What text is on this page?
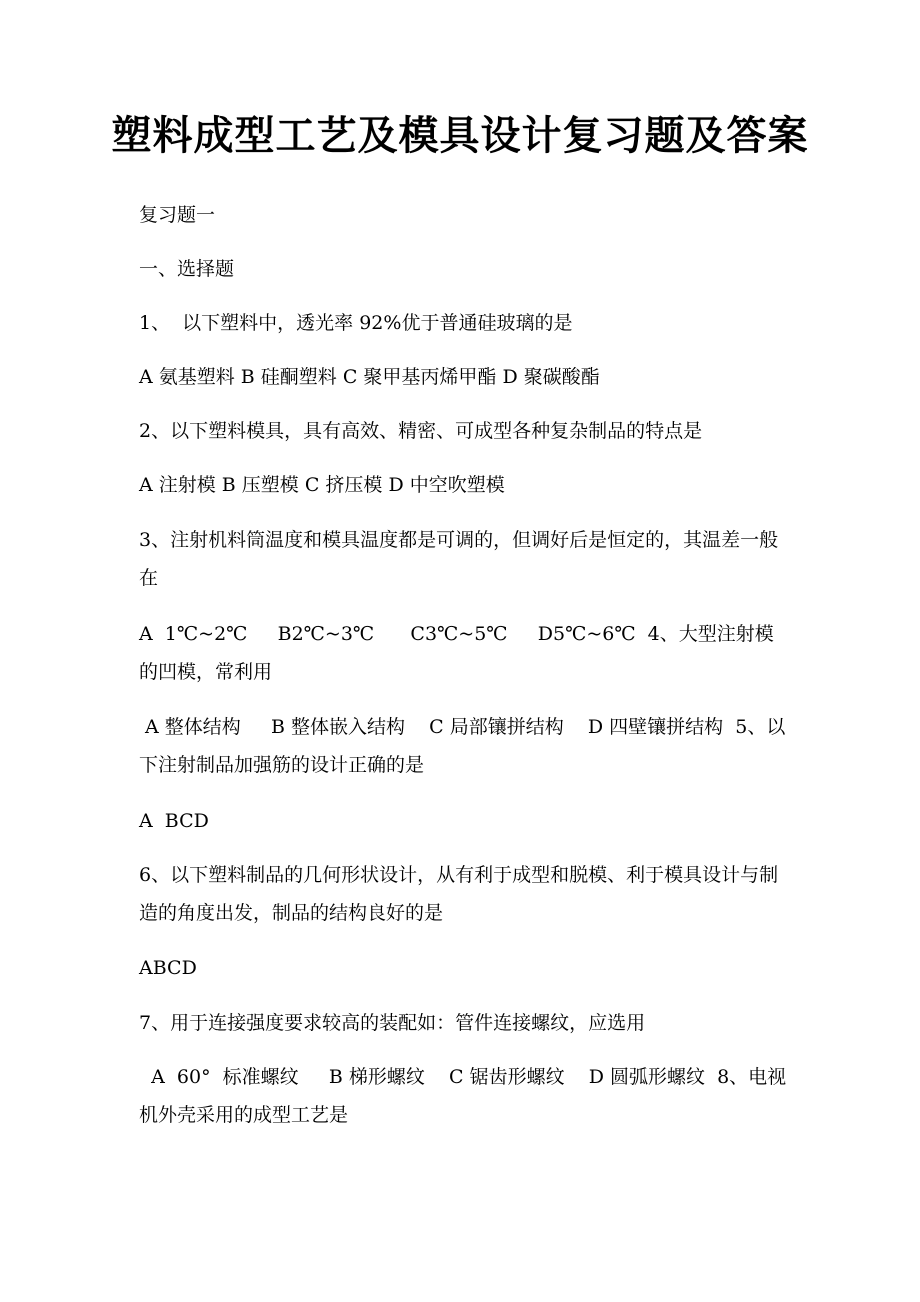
塑料成型工艺及模具设计复习题及答案
复习题一
一、选择题
1、  以下塑料中，透光率 92%优于普通硅玻璃的是
A 氨基塑料 B 硅酮塑料 C 聚甲基丙烯甲酯 D 聚碳酸酯
2、以下塑料模具，具有高效、精密、可成型各种复杂制品的特点是
A 注射模 B 压塑模 C 挤压模 D 中空吹塑模
3、注射机料筒温度和模具温度都是可调的，但调好后是恒定的，其温差一般在
A  1℃~2℃     B2℃~3℃      C3℃~5℃     D5℃~6℃  4、大型注射模的凹模，常利用
A 整体结构     B 整体嵌入结构    C 局部镶拼结构    D 四壁镶拼结构  5、以下注射制品加强筋的设计正确的是
A  BCD
6、以下塑料制品的几何形状设计，从有利于成型和脱模、利于模具设计与制造的角度出发，制品的结构良好的是
ABCD
7、用于连接强度要求较高的装配如：管件连接螺纹，应选用
A  60°  标准螺纹     B 梯形螺纹    C 锯齿形螺纹    D 圆弧形螺纹  8、电视机外壳采用的成型工艺是
